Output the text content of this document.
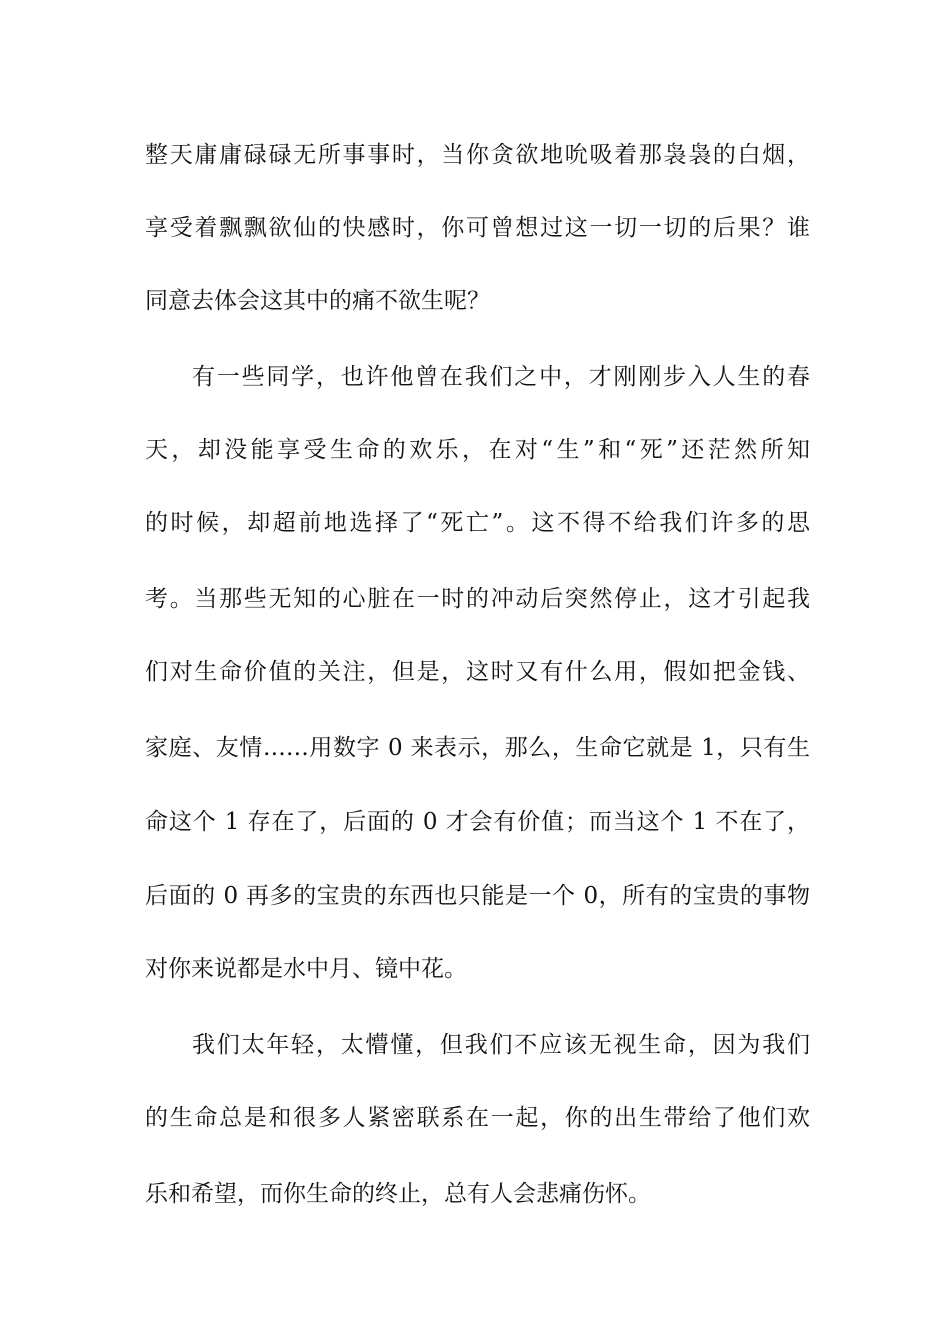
整天庸庸碌碌无所事事时，当你贪欲地吮吸着那袅袅的白烟，
享受着飘飘欲仙的快感时，你可曾想过这一切一切的后果？谁
同意去体会这其中的痛不欲生呢？
有一些同学，也许他曾在我们之中，才刚刚步入人生的春
天，却没能享受生命的欢乐，在对“生”和“死”还茫然所知
的时候，却超前地选择了“死亡”。这不得不给我们许多的思
考。当那些无知的心脏在一时的冲动后突然停止，这才引起我
们对生命价值的关注，但是，这时又有什么用，假如把金钱、
家庭、友情……用数字 0 来表示，那么，生命它就是 1，只有生
命这个 1 存在了，后面的 0 才会有价值；而当这个 1 不在了，
后面的 0 再多的宝贵的东西也只能是一个 0，所有的宝贵的事物
对你来说都是水中月、镜中花。
我们太年轻，太懵懂，但我们不应该无视生命，因为我们
的生命总是和很多人紧密联系在一起，你的出生带给了他们欢
乐和希望，而你生命的终止，总有人会悲痛伤怀。
